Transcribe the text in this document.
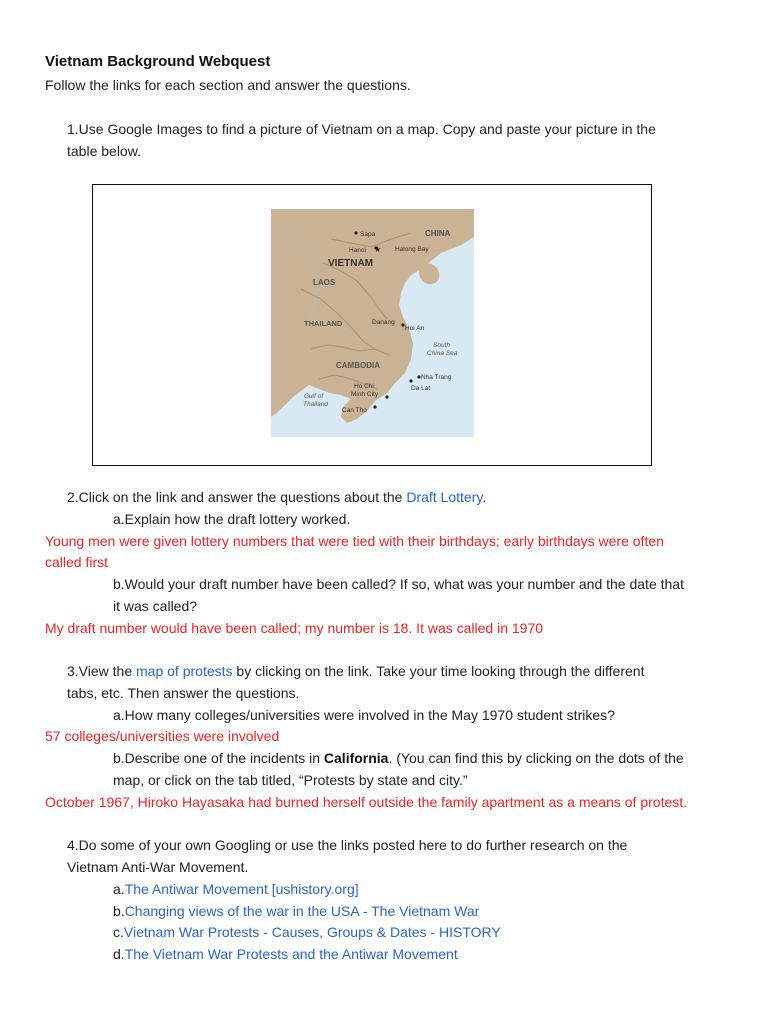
Vietnam Background Webquest
Follow the links for each section and answer the questions.
1.Use Google Images to find a picture of Vietnam on a map. Copy and paste your picture in the
table below.
★
Sapa	CHINA
Hanoi	Halong Bay
VIETNAM
LAOS
THAILAND	Danang
Hoi An
South
China Sea
CAMBODIA
Nha Trang
Da Lat
Ho Chi
Minh City
Gulf of
Thailand
Can Tho
2.Click on the link and answer the questions about the Draft Lottery.
a.Explain how the draft lottery worked.
Young men were given lottery numbers that were tied with their birthdays; early birthdays were often
called first
b.Would your draft number have been called? If so, what was your number and the date that
it was called?
My draft number would have been called; my number is 18. It was called in 1970
3.View the map of protests by clicking on the link. Take your time looking through the different
tabs, etc. Then answer the questions.
a.How many colleges/universities were involved in the May 1970 student strikes?
57 colleges/universities were involved
b.Describe one of the incidents in California. (You can find this by clicking on the dots of the
map, or click on the tab titled, “Protests by state and city.”
October 1967, Hiroko Hayasaka had burned herself outside the family apartment as a means of protest.
4.Do some of your own Googling or use the links posted here to do further research on the
Vietnam Anti-War Movement.
a.The Antiwar Movement [ushistory.org]
b.Changing views of the war in the USA - The Vietnam War
c.Vietnam War Protests - Causes, Groups & Dates - HISTORY
d.The Vietnam War Protests and the Antiwar Movement
